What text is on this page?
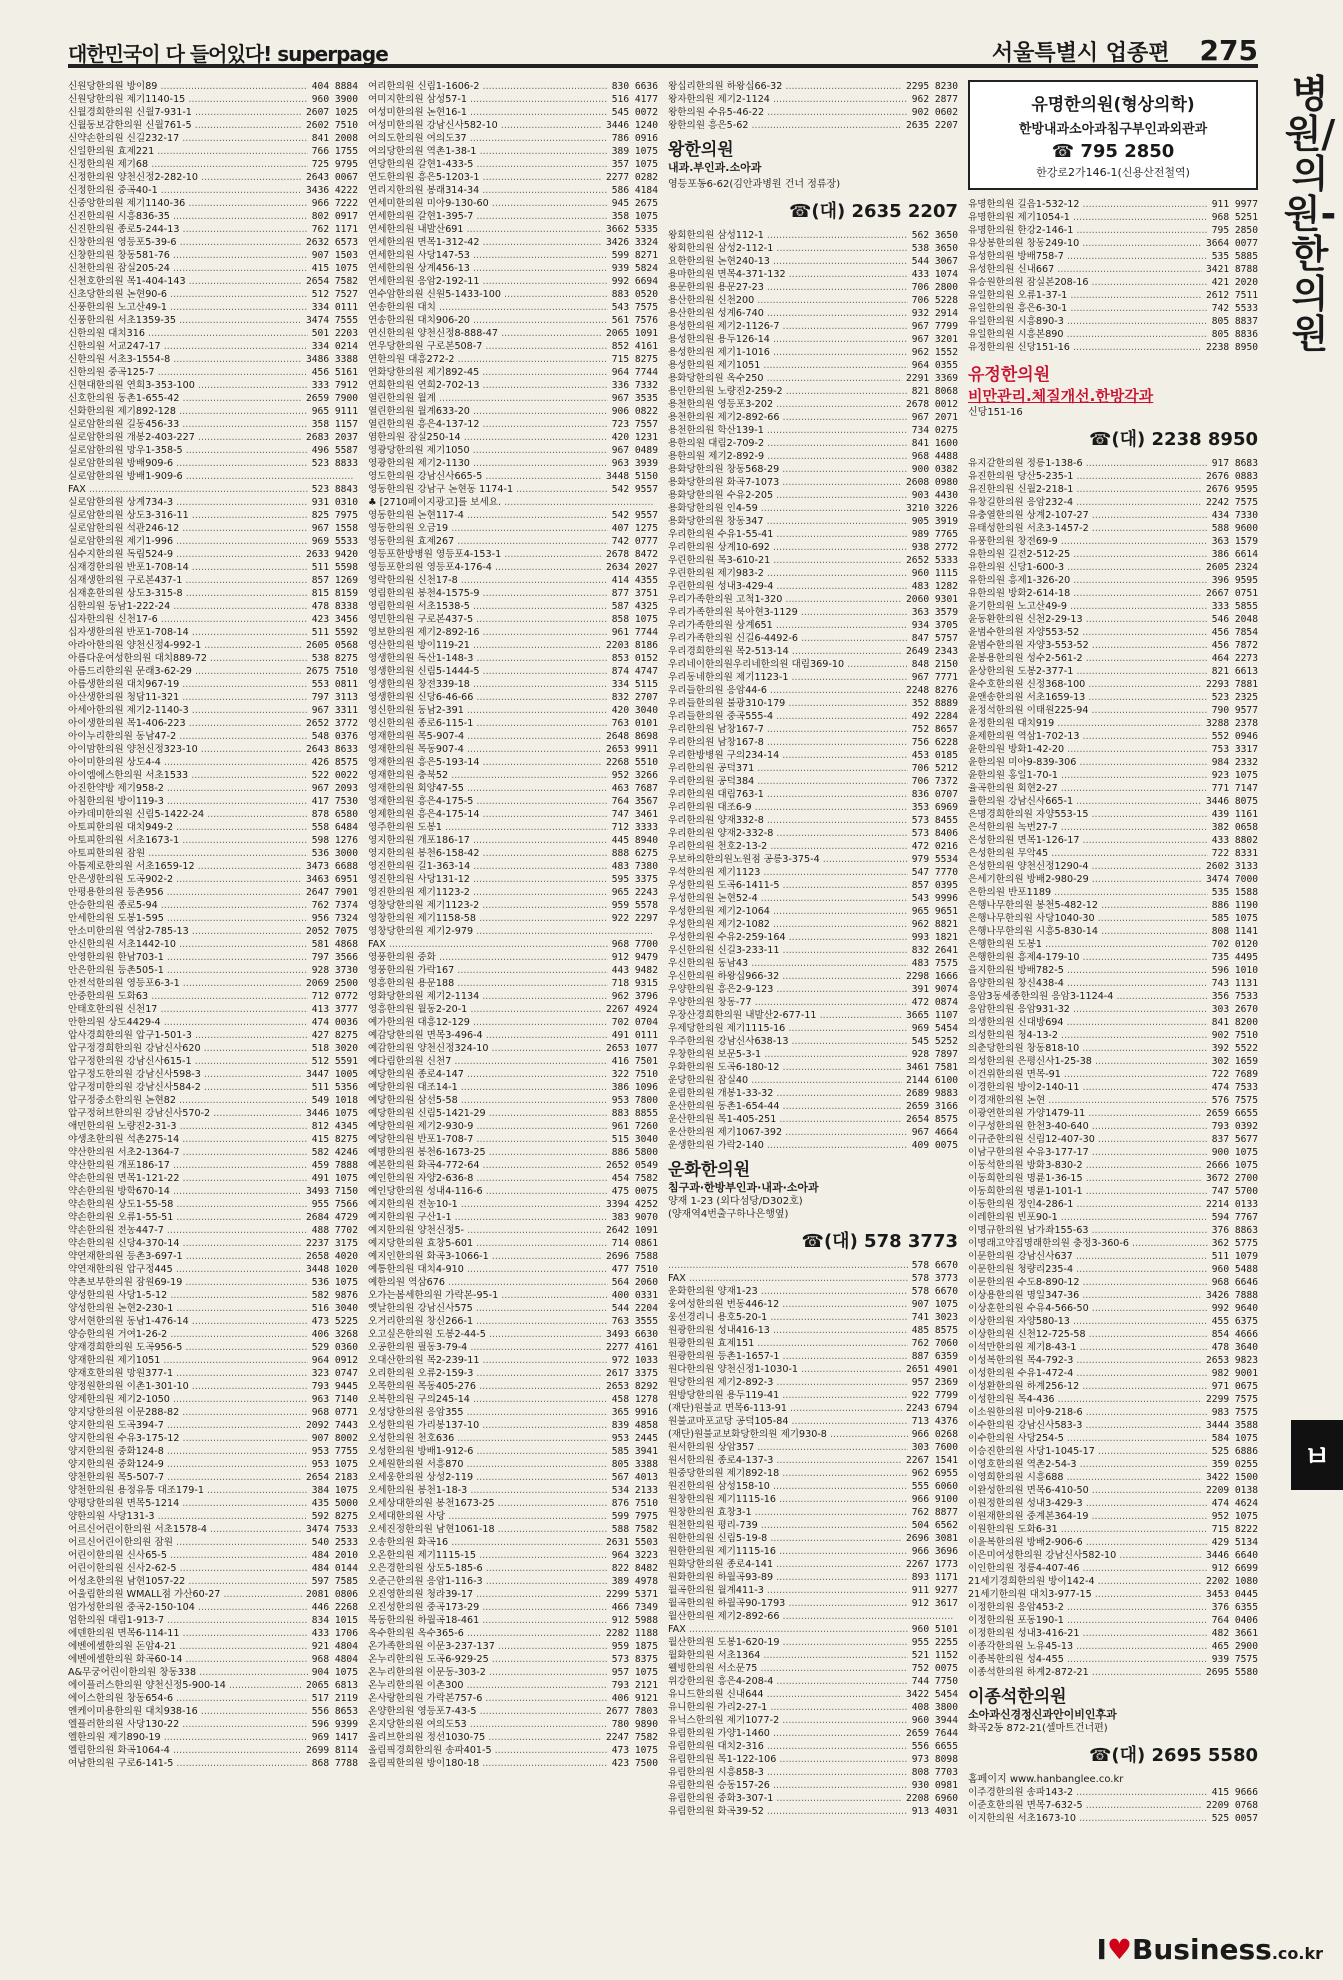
대한민국이 다 들어있다! superpage	서울특별시 업종편 275
신원당한의원 방이89 .....	404 8884
신원당한의원 제기1140-15 .....	960 3900
신월경희한의원 신월7-931-1 .....	2607 1025
신월동보감한의원 신월761-5 .....	2602 7510
신약손한의원 신길232-17 .....	841 2008
신일한의원 효제221 .....	766 1755
신정한의원 제기68 .....	725 9795
신정한의원 양천신정2-282-10 .....	2643 0067
신정한의원 중곡40-1 .....	3436 4222
신중앙한의원 제기1140-36 .....	966 7222
신진한의원 시흥836-35 .....	802 0917
신진한의원 종로5-244-13 .....	762 1171
신창한의원 영등포5-39-6 .....	2632 6573
신창한의원 창동581-76 .....	907 1503
신천한의원 잠실205-24 .....	415 1075
신천호한의원 목1-404-143 .....	2654 7582
신초당한의원 논현90-6 .....	512 7527
신풍한의원 노고산49-1 .....	334 0111
신풍한의원 서초1359-35 .....	3474 7555
신한의원 대치316 .....	501 2203
신한의원 서교247-17 .....	334 0214
신한의원 서초3-1554-8 .....	3486 3388
신한의원 중곡125-7 .....	456 5161
신현대한의원 연희3-353-100 .....	333 7912
신호한의원 동촌1-655-42 .....	2659 7900
신화한의원 제기892-128 .....	965 9111
실로암한의원 길동456-33 .....	358 1157
실로암한의원 개봉2-403-227 .....	2683 2037
실로암한의원 망우1-358-5 .....	496 5587
실로암한의원 방배909-6 .....	523 8833
실로암한의원 방배1-909-6 .....
FAX .....	523 8843
실로암한의원 상계734-3 .....	931 0310
실로암한의원 상도3-316-11 .....	825 7975
실로암한의원 석관246-12 .....	967 1558
실로암한의원 제기1-996 .....	969 5533
심수지한의원 독립524-9 .....	2633 9420
심재경한의원 반포1-708-14 .....	511 5598
심재생한의원 구로본437-1 .....	857 1269
심재훈한의원 상도3-315-8 .....	815 8159
심한의원 동남1-222-24 .....	478 8338
십자한의원 신천17-6 .....	423 3456
십자생한의원 반포1-708-14 .....	511 5592
아라아한의원 양천신정4-992-1 .....	2605 0568
아름다운여성한의원 대치889-72 .....	538 8275
아름드리한의원 문래3-62-29 .....	2675 7510
아름생한의원 대치967-19 .....	553 0811
아산생한의원 청담11-321 .....	797 3113
아세아한의원 제기2-1140-3 .....	967 3311
아이생한의원 목1-406-223 .....	2652 3772
아이누리한의원 동남47-2 .....	548 0376
아이맘한의원 양천신정323-10 .....	2643 8633
아이미한의원 상도4-4 .....	426 8575
아이엠에스한의원 서초1533 .....	522 0022
아진한약방 제기958-2 .....	967 2093
아침한의원 방이119-3 .....	417 7530
아카데미한의원 신림5-1422-24 .....	878 6580
아토피한의원 대치949-2 .....	558 6484
아토피한의원 서초1673-1 .....	598 1276
아토피한의원 잠원 .....	536 3000
아톰제로한의원 서초1659-12 .....	3473 6688
안은생한의원 도곡902-2 .....	3463 6951
안평용한의원 등촌956 .....	2647 7901
안승한의원 종로5-94 .....	762 7374
안세한의원 도봉1-595 .....	956 7324
안소미한의원 역삼2-785-13 .....	2052 7075
안신한의원 서초1442-10 .....	581 4868
안영한의원 한남703-1 .....	797 3566
안은한의원 등촌505-1 .....	928 3730
안전석한의원 영등포6-3-1 .....	2069 2500
안중한의원 도화63 .....	712 0772
안태호한의원 신천17 .....	413 3777
안한의원 상도4429-4 .....	474 0036
압사경희한의원 압구1-501-3 .....	427 8275
압구정경희한의원 강남신사620 .....	518 3020
압구정한의원 강남신사615-1 .....	512 5591
압구정도한의원 강남신사598-3 .....	3447 1005
압구정미한의원 강남신사584-2 .....	511 5356
압구정중소한의원 논현82 .....	549 1018
압구정허브한의원 강남신사570-2 .....	3446 1075
애민한의원 노량진2-31-3 .....	812 4345
야생초한의원 석촌275-14 .....	415 8275
약산한의원 서초2-1364-7 .....	582 4246
약산한의원 개포186-17 .....	459 7888
약손한의원 면목1-121-22 .....	491 1075
약손한의원 방학670-14 .....	3493 7150
약손한의원 상도1-55-58 .....	955 7566
약손한의원 오류1-55-51 .....	2684 4729
약손한의원 전농447-7 .....	488 7702
약손한의원 신당4-370-14 .....	2237 3175
약연재한의원 등촌3-697-1 .....	2658 4020
약연재한의원 압구정445 .....	3448 1020
약촌보부한의원 잠원69-19 .....	536 1075
양성한의원 사당1-5-12 .....	582 9876
양성한의원 논현2-230-1 .....	516 3040
양서현한의원 동남1-476-14 .....	473 5225
양승한의원 거여1-26-2 .....	406 3268
양재경희한의원 도곡956-5 .....	529 0360
양재한의원 제기1051 .....	964 0912
양재호한의원 망원377-1 .....	323 0747
양정원한의원 이촌1-301-10 .....	793 9445
양제한의원 제기2-1050 .....	963 7140
양지당한의원 이문288-82 .....	968 0771
양지한의원 도곡394-7 .....	2092 7443
양지한의원 수유3-175-12 .....	907 8002
양지한의원 중화124-8 .....	953 7755
양지한의원 중화124-9 .....	953 1075
양천한의원 목5-507-7 .....	2654 2183
양천한의원 용정유통 대조179-1 .....	384 1075
양평당한의원 면목5-1214 .....	435 5000
양한의원 사당131-3 .....	592 8275
어르신어린이한의원 서초1578-4 .....	3474 7533
어르신어린이한의원 잠원 .....	540 2533
어린이한의원 신사65-5 .....	484 2010
어린이한의원 신사2-62-5 .....	484 0144
어성초한의원 남현1057-22 .....	597 7585
어울림한의원 WMALL점 가산60-27 .....	2081 0806
엄가성한의원 중곡2-150-104 .....	446 2268
엄한의원 대림1-913-7 .....	834 1015
에덴한의원 면목6-114-11 .....	433 1706
에벤에셀한의원 돈암4-21 .....	921 4804
에벤에셀한의원 화곡60-14 .....	968 4804
A&무궁어린이한의원 창동338 .....	904 1075
에이플러스한의원 양천신정5-900-14 .....	2065 6813
에이스한의원 창동654-6 .....	517 2119
엔케이미용한의원 대치938-16 .....	556 8653
엘플러한의원 사당130-22 .....	596 9399
엘한의원 제기890-19 .....	969 1417
엘림한의원 화곡1064-4 .....	2699 8114
여남한의원 구로6-141-5 .....	868 7788
여리한의원 신림1-1606-2 .....	830 6636
여미지한의원 삼성57-1 .....	516 4177
여성미한의원 논현16-1 .....	545 0072
여성미한의원 강남신사582-10 .....	3446 1240
여의도한의원 여의도37 .....	786 0916
여의당한의원 역촌1-38-1 .....	389 1075
연당한의원 갈현1-433-5 .....	357 1075
연도한의원 흥은5-1203-1 .....	2277 0282
연리지한의원 봉래314-34 .....	586 4184
연세미한의원 미아9-130-60 .....	945 2675
연세한의원 갈현1-395-7 .....	358 1075
연세한의원 내발산691 .....	3662 5335
연세한의원 면목1-312-42 .....	3426 3324
연세한의원 사당147-53 .....	599 8271
연세한의원 상계456-13 .....	939 5824
연세한의원 응암2-192-11 .....	992 6694
연수암한의원 신원5-1433-100 .....	883 0520
연송한의원 대치 .....	543 7575
연송한의원 대치906-20 .....	561 7576
연신한의원 양천신정8-888-47 .....	2065 1091
연우당한의원 구로본508-7 .....	852 4161
연한의원 대흥272-2 .....	715 8275
연화당한의원 제기892-45 .....	964 7744
연희한의원 연희2-702-13 .....	336 7332
열린한의원 월계 .....	967 3535
열린한의원 월계633-20 .....	906 0822
열린한의원 흥은4-137-12 .....	723 7557
염한의원 잠실250-14 .....	420 1231
영광당한의원 제기1050 .....	967 0489
영광한의원 제기2-1130 .....	963 3939
영도한의원 강남신사665-5 .....	3448 5150
영동한의원 강남구 논현동 1174-1 .....	542 9557
♣ [2710페이지광고]를 보세요. .....
영동한의원 논현117-4 .....	542 9557
영동한의원 오금19 .....	407 1275
영동한의원 효제267 .....	742 0777
영등포한방병원 영등포4-153-1 .....	2678 8472
영등포한의원 영등포4-176-4 .....	2634 2027
영락한의원 신천17-8 .....	414 4355
영림한의원 봉천4-1575-9 .....	877 3751
영림한의원 서초1538-5 .....	587 4325
영민한의원 구로본437-5 .....	858 1075
영보한의원 제기2-892-16 .....	961 7744
영산한의원 방이119-21 .....	2203 8186
영생한의원 독산1-148-3 .....	853 0152
영생한의원 신림5-1444-5 .....	874 4747
영생한의원 창전339-18 .....	334 5115
영생한의원 신당6-46-66 .....	832 2707
영신한의원 동남2-391 .....	420 3040
영신한의원 종로6-115-1 .....	763 0101
영재한의원 목5-907-4 .....	2648 8698
영재한의원 목동907-4 .....	2653 9911
영재한의원 흥은5-193-14 .....	2268 5510
영재한의원 충북52 .....	952 3266
영재한의원 회양47-55 .....	463 7687
영재한의원 흥은4-175-5 .....	764 3567
영제한의원 흥은4-175-14 .....	747 3461
영주한의원 도봉1 .....	712 3333
영지한의원 개포186-17 .....	445 8940
영지한의원 봉천6-158-42 .....	888 6275
영진한의원 길1-363-14 .....	483 7380
영진한의원 사당131-12 .....	595 3375
영진한의원 제기1123-2 .....	965 2243
영창당한의원 제기1123-2 .....	959 5578
영창한의원 제기1158-58 .....	922 2297
영창당한의원 제기2-979 .....
FAX .....	968 7700
영풍한의원 중화 .....	912 9479
영풍한의원 가락167 .....	443 9482
영흥한의원 용문188 .....	718 9315
영화당한의원 제기2-1134 .....	962 3796
영흥한의원 월동2-20-1 .....	2267 4924
예가한의원 대흥12-129 .....	702 0704
예감당한의원 면목3-496-4 .....	491 0111
예감한의원 양천신정324-10 .....	2653 1077
예다림한의원 신천7 .....	416 7501
예당한의원 종로4-147 .....	322 7510
예당한의원 대조14-1 .....	386 1096
예당한의원 삼선5-58 .....	953 7800
예당한의원 신림5-1421-29 .....	883 8855
예당한의원 제기2-930-9 .....	961 7260
예당한의원 반포1-708-7 .....	515 3040
예명한의원 봉천6-1673-25 .....	886 5800
예본한의원 화곡4-772-64 .....	2652 0549
예인한의원 자양2-636-8 .....	454 7582
예인당한의원 성내4-116-6 .....	475 0075
예지한의원 전농10-1 .....	3394 4252
예지한의원 구산1-1 .....	383 9070
예지한의원 양천신정5- .....	2642 1091
예지당한의원 효창5-601 .....	714 0861
예지인한의원 화곡3-1066-1 .....	2696 7588
예통한의원 대치4-910 .....	477 7510
예한의원 역삼676 .....	564 2060
오가는봄세한의원 가락본-95-1 .....	400 0331
옛날한의원 강남신사575 .....	544 2204
오거리한의원 창신266-1 .....	763 3555
오고싶은한의원 도봉2-44-5 .....	3493 6630
오공한의원 필동3-79-4 .....	2277 4161
오대산한의원 목2-239-11 .....	972 1033
오리한의원 오류2-159-3 .....	2617 3375
오목한의원 목동405-276 .....	2653 8292
오복한의원 구의245-14 .....	458 1278
오성당한의원 응암355 .....	365 9916
오성한의원 가리봉137-10 .....	839 4858
오성한의원 천호636 .....	953 2445
오성한의원 방배1-912-6 .....	585 3941
오세원한의원 서흥870 .....	805 3388
오세웅한의원 상성2-119 .....	567 4013
오세한의원 봉천1-18-3 .....	534 2133
오세상대한의원 봉천1673-25 .....	876 7510
오세대한의원 사당 .....	599 7975
오세진정한의원 남현1061-18 .....	588 7582
오송한의원 화곡16 .....	2631 5503
오온한의원 제기1115-15 .....	964 3223
오은경한의원 상도5-185-6 .....	822 8482
오준근한의원 응암1-116-3 .....	389 4978
오진영한의원 청라39-17 .....	2299 5371
오진성한의원 중곡173-29 .....	466 7349
목동한의원 하월곡18-461 .....	912 5988
옥수한의원 옥수365-6 .....	2282 1188
온가족한의원 이문3-237-137 .....	959 1875
온누리한의원 도곡6-929-25 .....	573 8375
온누리한의원 이문동-303-2 .....	957 1075
온누리한의원 이촌300 .....	793 2121
온사랑한의원 가락본757-6 .....	406 9121
온양한의원 영등포7-43-5 .....	2677 7803
온지당한의원 여의도53 .....	780 9890
올리브한의원 정선1030-75 .....	2247 7582
올림픽경희한의원 송파401-5 .....	473 1075
올림픽한의원 방이180-18 .....	423 7500
왕십리한의원 하왕십66-32 .....	2295 8230
왕자한의원 제기2-1124 .....	962 2877
왕한의원 수유5-46-22 .....	902 0602
왕한의원 흥은5-62 .....	2635 2207
왕한의원
내과.부인과.소아과
영등포동6-62(김안과병원 건너 정류장)
☎(대) 2635 2207
왕회한의원 삼성112-1 .....	562 3650
왕회한의원 삼성2-112-1 .....	538 3650
요한한의원 논현240-13 .....	544 3067
용마한의원 면목4-371-132 .....	433 1074
용문한의원 용문27-23 .....	706 2800
용산한의원 신천200 .....	706 5228
용산한의원 성계6-740 .....	932 2914
용성한의원 제기2-1126-7 .....	967 7799
용성한의원 용두126-14 .....	967 3201
용성한의원 제기1-1016 .....	962 1552
용성한의원 제기1051 .....	964 0355
용화당한의원 옥수250 .....	2291 3369
용인한의원 노량진2-259-2 .....	821 8068
용천한의원 영등포3-202 .....	2678 0012
용천한의원 제기2-892-66 .....	967 2071
용천한의원 학산139-1 .....	734 0275
용한의원 대림2-709-2 .....	841 1600
용한의원 제기2-892-9 .....	968 4488
용화당한의원 창동568-29 .....	900 0382
용화당한의원 화곡7-1073 .....	2608 0980
용화당한의원 수유2-205 .....	903 4430
용화당한의원 인4-59 .....	3210 3226
용화당한의원 창동347 .....	905 3919
우리한의원 수유1-55-41 .....	989 7765
우리한의원 상계10-692 .....	938 2772
우린한의원 목3-610-21 .....	2652 5333
우린한의원 제기983-2 .....	960 1115
우린한의원 성내3-429-4 .....	483 1282
우리가족한의원 고척1-320 .....	2060 9301
우리가족한의원 북아현3-1129 .....	363 3579
우리가족한의원 상계651 .....	934 3705
우리가족한의원 신길6-4492-6 .....	847 5757
우리경희한의원 목2-513-14 .....	2649 2343
우리네이한의원우리네한의원 대림369-10 .....	848 2150
우리동네한의원 제기1123-1 .....	967 7771
우리들한의원 응암44-6 .....	2248 8276
우리들한의원 불광310-179 .....	352 8889
우리들한의원 중곡555-4 .....	492 2284
우리한의원 남창167-7 .....	752 8657
우리한의원 남창167-8 .....	756 6228
우리한방병원 구의234-14 .....	453 0185
우리한의원 공덕371 .....	706 5212
우리한의원 공덕384 .....	706 7372
우리한의원 대림763-1 .....	836 0707
우리한의원 대조6-9 .....	353 6969
우리한의원 양재332-8 .....	573 8455
우리한의원 양재2-332-8 .....	573 8406
우리한의원 천호2-13-2 .....	472 0216
우보하의한의원노원점 공릉3-375-4 .....	979 5534
우석한의원 제기1123 .....	547 7770
우성한의원 도곡6-1411-5 .....	857 0395
우성한의원 논현52-4 .....	543 9996
우성한의원 제기2-1064 .....	965 9651
우성한의원 제기2-1082 .....	962 8821
우성한의원 수유2-259-164 .....	993 1821
우신한의원 신길3-233-11 .....	832 2641
우신한의원 동남43 .....	483 7575
우신한의원 하왕십966-32 .....	2298 1666
우양한의원 흥은2-9-123 .....	391 9074
우양한의원 창동-77 .....	472 0874
우장산경희한의원 내발산2-677-11 .....	3665 1107
우제당한의원 제기1115-16 .....	969 5454
우주한의원 강남신사638-13 .....	545 5252
우창한의원 보문5-3-1 .....	928 7897
우화한의원 도곡6-180-12 .....	3461 7581
운당한의원 잠실40 .....	2144 6100
운림한의원 개봉1-33-32 .....	2689 9883
운산한의원 동촌1-654-44 .....	2659 3166
운산한의원 목1-405-251 .....	2654 8575
운산한의원 제기1067-392 .....	967 4664
운생한의원 가락2-140 .....	409 0075
운화한의원
침구과·한방부인과·내과·소아과
양재 1-23 (외다섬당/D302호)
(양재역4번출구하나은행옆)
☎(대) 578 3773
.....
578 6670
FAX .....	578 3773
운화한의원 양재1-23 .....	578 6670
웅여성한의원 번동446-12 .....	907 1075
웅선경리니 용호5-20-1 .....	741 3023
원광한의원 성내416-13 .....	485 8575
원광한의원 효제151 .....	762 7060
원광한의원 등촌1-1657-1 .....	887 6359
원다한의원 양천신정1-1030-1 .....	2651 4901
원당한의원 제기2-892-3 .....	957 2369
원방당한의원 용두119-41 .....	922 7799
(재단)원불교 면목6-113-91 .....	2243 6794
원불교마포교당 공덕105-84 .....	713 4376
(재단)원불교보화당한의원 제기930-8 .....	966 0268
원서한의원 상암357 .....	303 7600
원서한의원 종로4-137-3 .....	2267 1541
원중당한의원 제기892-18 .....	962 6955
원진한의원 삼성158-10 .....	555 6060
원창한의원 제기1115-16 .....	966 9100
원창한의원 효창3-1 .....	762 8877
원천한의원 평리-739 .....	504 6562
원한한의원 신림5-19-8 .....	2696 3081
원한한의원 제기1115-16 .....	966 3696
원화당한의원 종로4-141 .....	2267 1773
원화한의원 하월곡93-89 .....	893 1171
월곡한의원 월계411-3 .....	911 9277
월곡한의원 하월곡90-1793 .....	912 3617
월산한의원 제기2-892-66 .....
FAX .....	960 5101
월산한의원 도봉1-620-19 .....	955 2255
월화한의원 서초1364 .....	521 1152
웰빙한의원 서소문75 .....	752 0075
위강한의원 흥은4-208-4 .....	744 7750
유니드한의원 신내644 .....	3422 5454
유니한의원 가리2-27-1 .....	408 3800
유닉스한의원 제기1077-2 .....	960 3944
유림한의원 가양1-1460 .....	2659 7644
유림한의원 대치2-316 .....	556 6655
유림한의원 목1-122-106 .....	973 8098
유림한의원 시흥858-3 .....	808 7703
유림한의원 승동157-26 .....	930 0981
유림한의원 중화3-307-1 .....	2208 6960
유림한의원 화곡39-52 .....	913 4031
유명한의원(형상의학)
한방내과소아과침구부인과외관과
☎ 795 2850
한강로2가146-1(신용산전철역)
유명한의원 길음1-532-12 .....	911 9977
유명한의원 제기1054-1 .....	968 5251
유명한의원 한강2-146-1 .....	795 2850
유상봉한의원 창동249-10 .....	3664 0077
유성한의원 방배758-7 .....	535 5885
유성한의원 신내667 .....	3421 8788
유승원한의원 잠실본208-16 .....	421 2020
유일한의원 오류1-37-1 .....	2612 7511
유일한의원 흥은6-30-1 .....	742 5533
유일한의원 시흥890-3 .....	805 8837
유일한의원 시흥본890 .....	805 8836
유정한의원 신당151-16 .....	2238 8950
유정한의원
비만관리.체질개선.한방각과
신당151-16
☎(대) 2238 8950
유지같한의원 정릉1-138-6 .....	917 8683
유진한의원 당산5-235-1 .....	2676 0883
유진한의원 신월2-218-1 .....	2676 9595
유창길한의원 응암232-4 .....	2242 7575
유충열한의원 상계2-107-27 .....	434 7330
유태성한의원 서초3-1457-2 .....	588 9600
유풍한의원 창전69-9 .....	363 1579
유한의원 길전2-512-25 .....	386 6614
유한의원 신당1-600-3 .....	2605 2324
유한의원 흥제1-326-20 .....	396 9595
유한의원 방화2-614-18 .....	2667 0751
윤기한의원 노고산49-9 .....	333 5855
윤동환한의원 신천2-29-13 .....	546 2048
윤범수한의원 자양553-52 .....	456 7854
윤범수한의원 자양3-553-52 .....	456 7872
윤봉용한의원 성수2-561-2 .....	464 2273
윤상한의원 도봉2-377-1 .....	821 6613
윤수호한의원 신정368-100 .....	2293 7881
윤앤송한의원 서초1659-13 .....	523 2325
윤정석한의원 이태원225-94 .....	790 9577
윤정한의원 대치919 .....	3288 2378
윤제한의원 역삼1-702-13 .....	552 0946
윤한의원 방화1-42-20 .....	753 3317
윤한의원 미아9-839-306 .....	984 2332
윤한의원 홍일1-70-1 .....	923 1075
율곡한의원 회현2-27 .....	771 7147
율한의원 강남신사665-1 .....	3446 8075
은명경희한의원 자양553-15 .....	439 1161
은석한의원 녹번27-7 .....	382 0658
은성한의원 면목1-126-17 .....	433 8802
은성한의원 무악45 .....	722 8331
은성한의원 양천신정1290-4 .....	2602 3133
은세기한의원 방배2-980-29 .....	3474 7000
은한의원 반포1189 .....	535 1588
은행나무한의원 봉천5-482-12 .....	886 1190
은행나무한의원 사당1040-30 .....	585 1075
은행나무한의원 시흥5-830-14 .....	808 1141
은행한의원 도봉1 .....	702 0120
은행한의원 흥제4-179-10 .....	735 4495
을지한의원 방배782-5 .....	596 1010
음양한의원 창신438-4 .....	743 1131
응암3동세종한의원 응암3-1124-4 .....	356 7533
응암한의원 응암931-32 .....	303 2670
의생한의원 신대방694 .....	841 8200
의성한의원 청4-13-2 .....	902 7510
의춘당한의원 창동818-10 .....	392 5522
의성한의원 은평신사1-25-38 .....	302 1659
이건위한의원 면목-91 .....	722 7689
이경한의원 방이2-140-11 .....	474 7533
이경재한의원 논현 .....	576 7575
이광연한의원 가양1479-11 .....	2659 6655
이구성한의원 한천3-40-640 .....	793 0392
이규준한의원 신림12-407-30 .....	837 5677
이남구한의원 수유3-177-17 .....	900 1075
이동석한의원 방화3-830-2 .....	2666 1075
이동희한의원 명륜1-36-15 .....	3672 2700
이동희한의원 명륜1-101-1 .....	747 5700
이동한의원 정인4-286-1 .....	2214 0133
이레한의원 빈포90-1 .....	594 7767
이명규한의원 남가좌155-63 .....	376 8863
이명래고약집명래한의원 충정3-360-6 .....	362 5775
이문한의원 강남신사637 .....	511 1079
이문한의원 청량리235-4 .....	960 5488
이문한의원 수도8-890-12 .....	968 6646
이상용한의원 명일347-36 .....	3426 7888
이상훈한의원 수유4-566-50 .....	992 9640
이상한의원 자양580-13 .....	455 6375
이상한의원 신천12-725-58 .....	854 4666
이석만한의원 제기8-43-1 .....	478 3640
이성복한의원 목4-792-3 .....	2653 9823
이성한의원 수유1-472-4 .....	982 9001
이성환한의원 하계256-12 .....	971 0675
이성한의원 목4-436 .....	2299 7575
이소원한의원 미아9-218-6 .....	983 7575
이수한의원 강남신사583-3 .....	3444 3588
이수한의원 사당254-5 .....	584 1075
이승진한의원 사당1-1045-17 .....	525 6886
이영호한의원 역촌2-54-3 .....	359 0255
이영희한의원 시흥688 .....	3422 1500
이완성한의원 면목6-410-50 .....	2209 0138
이원정한의원 성내3-429-3 .....	474 4624
이원재한의원 중계본364-19 .....	952 1075
이원한의원 도화6-31 .....	715 8222
이윤복한의원 방배2-906-6 .....	429 5134
이은미여성한의원 강남신사582-10 .....	3446 6640
이인한의원 정릉4-407-46 .....	912 6699
21세기경희한의원 방이142-4 .....	2202 1080
21세기한의원 대치3-977-15 .....	3453 0445
이정한의원 응암453-2 .....	376 6355
이정한의원 포동190-1 .....	764 0406
이정한의원 성내3-416-21 .....	482 3661
이종각한의원 노유45-13 .....	465 2900
이종복한의원 성4-455 .....	939 7575
이종석한의원 하계2-872-21 .....	2695 5580
이종석한의원
소아과신경정신과안이비인후과
화곡2동 872-21(셀마트건너편)
☎(대) 2695 5580
홈페이지 www.hanbanglee.co.kr
이주경한의원 송파143-2 .....	415 9666
이준호한의원 면목7-632-5 .....	2209 0768
이지한의원 서초1673-10 .....	525 0057
병원/의원-한의원
ㅂ
I♥Business.co.kr
